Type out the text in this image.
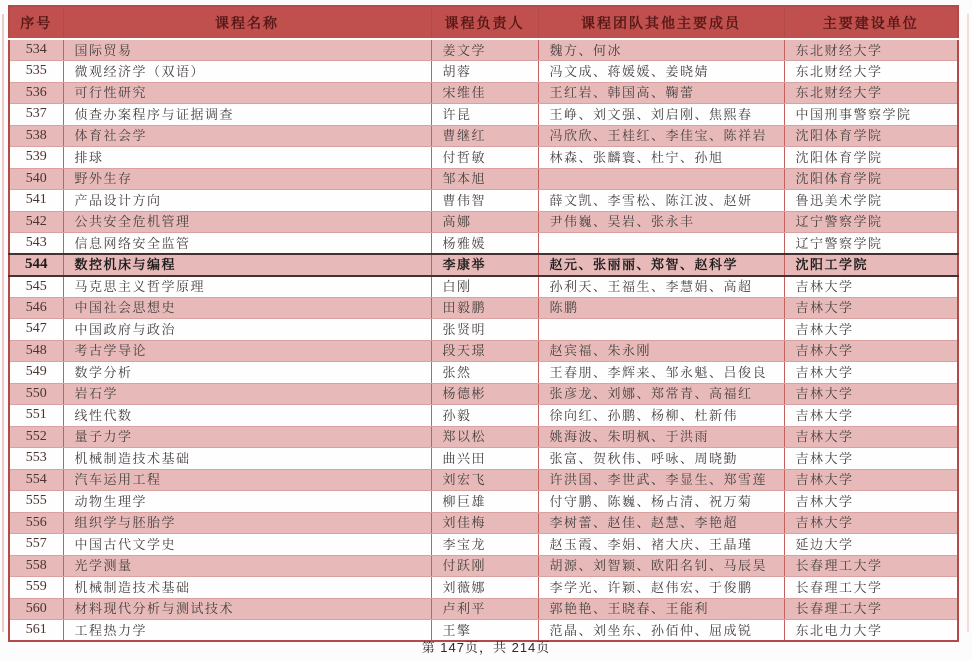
序号	课程名称	课程负责人	课程团队其他主要成员	主要建设单位
534	国际贸易	姜文学	魏方、何冰	东北财经大学
535	微观经济学（双语）	胡蓉	冯文成、蒋媛媛、姜晓婧	东北财经大学
536	可行性研究	宋维佳	王红岩、韩国高、鞠蕾	东北财经大学
537	侦查办案程序与证据调查	许昆	王峥、刘文强、刘启刚、焦熙春	中国刑事警察学院
538	体育社会学	曹继红	冯欣欣、王桂红、李佳宝、陈祥岩	沈阳体育学院
539	排球	付哲敏	林森、张麟寰、杜宁、孙旭	沈阳体育学院
540	野外生存	邹本旭		沈阳体育学院
541	产品设计方向	曹伟智	薛文凯、李雪松、陈江波、赵妍	鲁迅美术学院
542	公共安全危机管理	高娜	尹伟巍、吴岩、张永丰	辽宁警察学院
543	信息网络安全监管	杨雅媛		辽宁警察学院
544	数控机床与编程	李康举	赵元、张丽丽、郑智、赵科学	沈阳工学院
545	马克思主义哲学原理	白刚	孙利天、王福生、李慧娟、高超	吉林大学
546	中国社会思想史	田毅鹏	陈鹏	吉林大学
547	中国政府与政治	张贤明		吉林大学
548	考古学导论	段天璟	赵宾福、朱永刚	吉林大学
549	数学分析	张然	王春朋、李辉来、邹永魁、吕俊良	吉林大学
550	岩石学	杨德彬	张彦龙、刘娜、郑常青、高福红	吉林大学
551	线性代数	孙毅	徐向红、孙鹏、杨柳、杜新伟	吉林大学
552	量子力学	郑以松	姚海波、朱明枫、于洪雨	吉林大学
553	机械制造技术基础	曲兴田	张富、贺秋伟、呼咏、周晓勤	吉林大学
554	汽车运用工程	刘宏飞	许洪国、李世武、李显生、郑雪莲	吉林大学
555	动物生理学	柳巨雄	付守鹏、陈巍、杨占清、祝万菊	吉林大学
556	组织学与胚胎学	刘佳梅	李树蕾、赵佳、赵慧、李艳超	吉林大学
557	中国古代文学史	李宝龙	赵玉霞、李娟、褚大庆、王晶瑾	延边大学
558	光学测量	付跃刚	胡源、刘智颖、欧阳名钊、马辰昊	长春理工大学
559	机械制造技术基础	刘薇娜	李学光、许颖、赵伟宏、于俊鹏	长春理工大学
560	材料现代分析与测试技术	卢利平	郭艳艳、王晓春、王能利	长春理工大学
561	工程热力学	王擎	范晶、刘坐东、孙佰仲、屈成锐	东北电力大学
第 147页，共 214页
